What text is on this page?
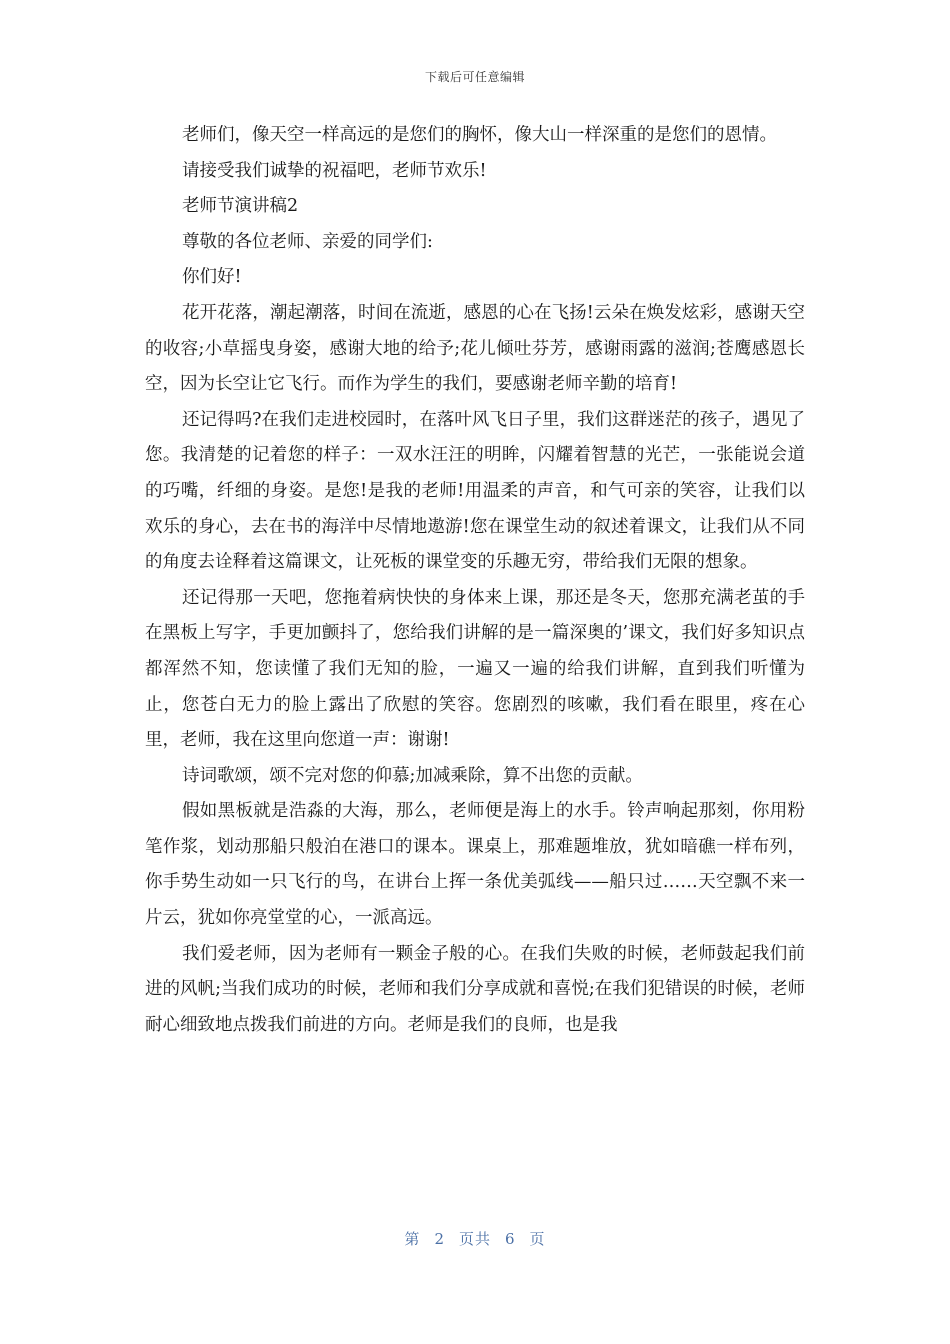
下载后可任意编辑

老师们，像天空一样高远的是您们的胸怀，像大山一样深重的是您们的恩情。

请接受我们诚挚的祝福吧，老师节欢乐!

老师节演讲稿2

尊敬的各位老师、亲爱的同学们:

你们好!

花开花落，潮起潮落，时间在流逝，感恩的心在飞扬!云朵在焕发炫彩，感谢天空的收容;小草摇曳身姿，感谢大地的给予;花儿倾吐芬芳，感谢雨露的滋润;苍鹰感恩长空，因为长空让它飞行。而作为学生的我们，要感谢老师辛勤的培育!

还记得吗?在我们走进校园时，在落叶风飞日子里，我们这群迷茫的孩子，遇见了您。我清楚的记着您的样子：一双水汪汪的明眸，闪耀着智慧的光芒，一张能说会道的巧嘴，纤细的身姿。是您!是我的老师!用温柔的声音，和气可亲的笑容，让我们以欢乐的身心，去在书的海洋中尽情地遨游!您在课堂生动的叙述着课文，让我们从不同的角度去诠释着这篇课文，让死板的课堂变的乐趣无穷，带给我们无限的想象。

还记得那一天吧，您拖着病快快的身体来上课，那还是冬天，您那充满老茧的手在黑板上写字，手更加颤抖了，您给我们讲解的是一篇深奥的’课文，我们好多知识点都浑然不知，您读懂了我们无知的脸，一遍又一遍的给我们讲解，直到我们听懂为止，您苍白无力的脸上露出了欣慰的笑容。您剧烈的咳嗽，我们看在眼里，疼在心里，老师，我在这里向您道一声：谢谢!

诗词歌颂，颂不完对您的仰慕;加减乘除，算不出您的贡献。

假如黑板就是浩淼的大海，那么，老师便是海上的水手。铃声响起那刻，你用粉笔作浆，划动那船只般泊在港口的课本。课桌上，那难题堆放，犹如暗礁一样布列，你手势生动如一只飞行的鸟，在讲台上挥一条优美弧线——船只过……天空飘不来一片云，犹如你亮堂堂的心，一派高远。

我们爱老师，因为老师有一颗金子般的心。在我们失败的时候，老师鼓起我们前进的风帆;当我们成功的时候，老师和我们分享成就和喜悦;在我们犯错误的时候，老师耐心细致地点拨我们前进的方向。老师是我们的良师，也是我

第 2 页共 6 页
